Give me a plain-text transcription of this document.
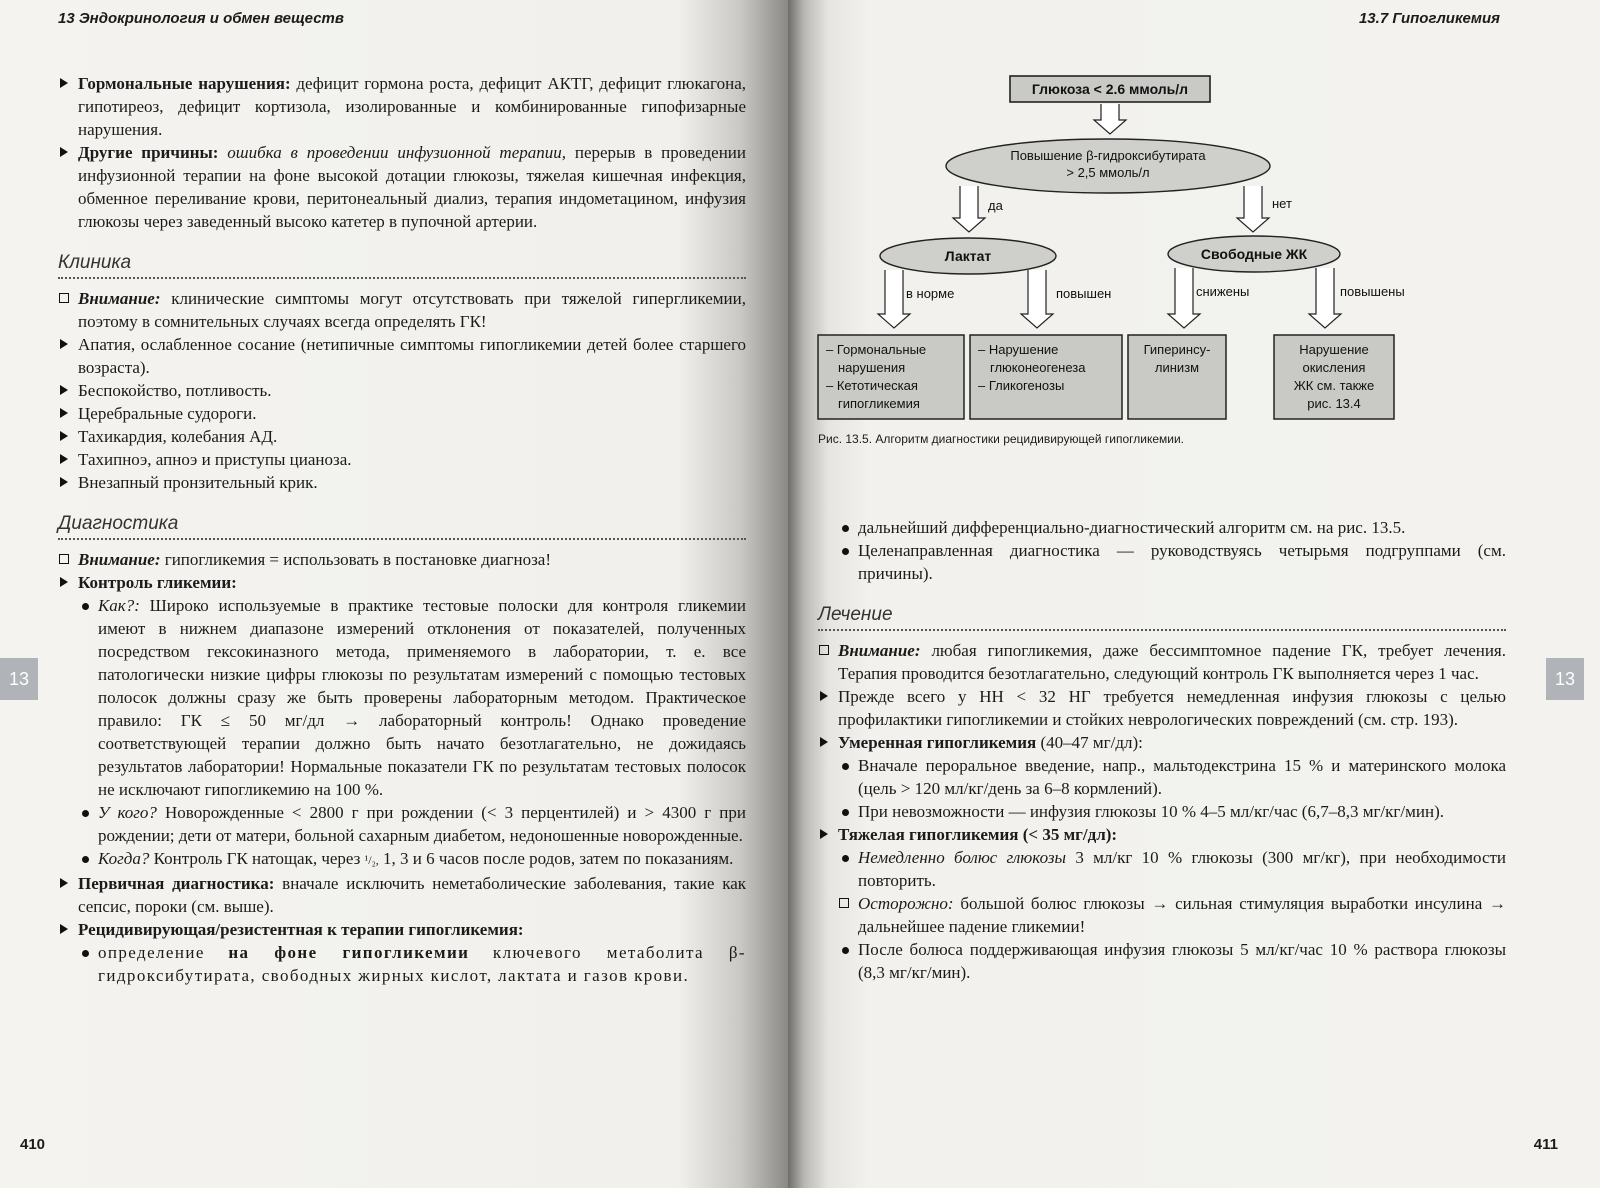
13 Эндокринология и обмен веществ

Гормональные нарушения: дефицит гормона роста, дефицит АКТГ, дефицит глюкагона, гипотиреоз, дефицит кортизола, изолированные и комбинированные гипофизарные нарушения.

Другие причины: ошибка в проведении инфузионной терапии, перерыв в проведении инфузионной терапии на фоне высокой дотации глюкозы, тяжелая кишечная инфекция, обменное переливание крови, перитонеальный диализ, терапия индометацином, инфузия глюкозы через заведенный высоко катетер в пупочной артерии.

Клиника

Внимание: клинические симптомы могут отсутствовать при тяжелой гипергликемии, поэтому в сомнительных случаях всегда определять ГК!

Апатия, ослабленное сосание (нетипичные симптомы гипогликемии детей более старшего возраста).

Беспокойство, потливость.

Церебральные судороги.

Тахикардия, колебания АД.

Тахипноэ, апноэ и приступы цианоза.

Внезапный пронзительный крик.

Диагностика

Внимание: гипогликемия = использовать в постановке диагноза!

Контроль гликемии:

Как?: Широко используемые в практике тестовые полоски для контроля гликемии имеют в нижнем диапазоне измерений отклонения от показателей, полученных посредством гексокиназного метода, применяемого в лаборатории, т. е. все патологически низкие цифры глюкозы по результатам измерений с помощью тестовых полосок должны сразу же быть проверены лабораторным методом. Практическое правило: ГК ≤ 50 мг/дл → лабораторный контроль! Однако проведение соответствующей терапии должно быть начато безотлагательно, не дожидаясь результатов лаборатории! Нормальные показатели ГК по результатам тестовых полосок не исключают гипогликемию на 100 %.

У кого? Новорожденные < 2800 г при рождении (< 3 перцентилей) и > 4300 г при рождении; дети от матери, больной сахарным диабетом, недоношенные новорожденные.

Когда? Контроль ГК натощак, через ¹/₂, 1, 3 и 6 часов после родов, затем по показаниям.

Первичная диагностика: вначале исключить неметаболические заболевания, такие как сепсис, пороки (см. выше).

Рецидивирующая/резистентная к терапии гипогликемия:

определение на фоне гипогликемии ключевого метаболита β-гидроксибутирата, свободных жирных кислот, лактата и газов крови.

13
410
13.7 Гипогликемия
Глюкоза < 2.6 ммоль/л
Повышение β-гидроксибутирата
> 2,5 ммоль/л
да	нет
Лактат	Свободные ЖК
в норме	повышен	снижены	повышены
– Гормональные
нарушения
– Кетотическая
гипогликемия
– Нарушение
глюконеогенеза
– Гликогенозы
Гиперинсу-
линизм
Нарушение
окисления
ЖК см. также
рис. 13.4
Рис. 13.5. Алгоритм диагностики рецидивирующей гипогликемии.

дальнейший дифференциально-диагностический алгоритм см. на рис. 13.5.

Целенаправленная диагностика — руководствуясь четырьмя подгруппами (см. причины).

Лечение

Внимание: любая гипогликемия, даже бессимптомное падение ГК, требует лечения. Терапия проводится безотлагательно, следующий контроль ГК выполняется через 1 час.

Прежде всего у НН < 32 НГ требуется немедленная инфузия глюкозы с целью профилактики гипогликемии и стойких неврологических повреждений (см. стр. 193).

Умеренная гипогликемия (40–47 мг/дл):

Вначале пероральное введение, напр., мальтодекстрина 15 % и материнского молока (цель > 120 мл/кг/день за 6–8 кормлений).

При невозможности — инфузия глюкозы 10 % 4–5 мл/кг/час (6,7–8,3 мг/кг/мин).

Тяжелая гипогликемия (< 35 мг/дл):

Немедленно болюс глюкозы 3 мл/кг 10 % глюкозы (300 мг/кг), при необходимости повторить.

Осторожно: большой болюс глюкозы → сильная стимуляция выработки инсулина → дальнейшее падение гликемии!

После болюса поддерживающая инфузия глюкозы 5 мл/кг/час 10 % раствора глюкозы (8,3 мг/кг/мин).

13
411
